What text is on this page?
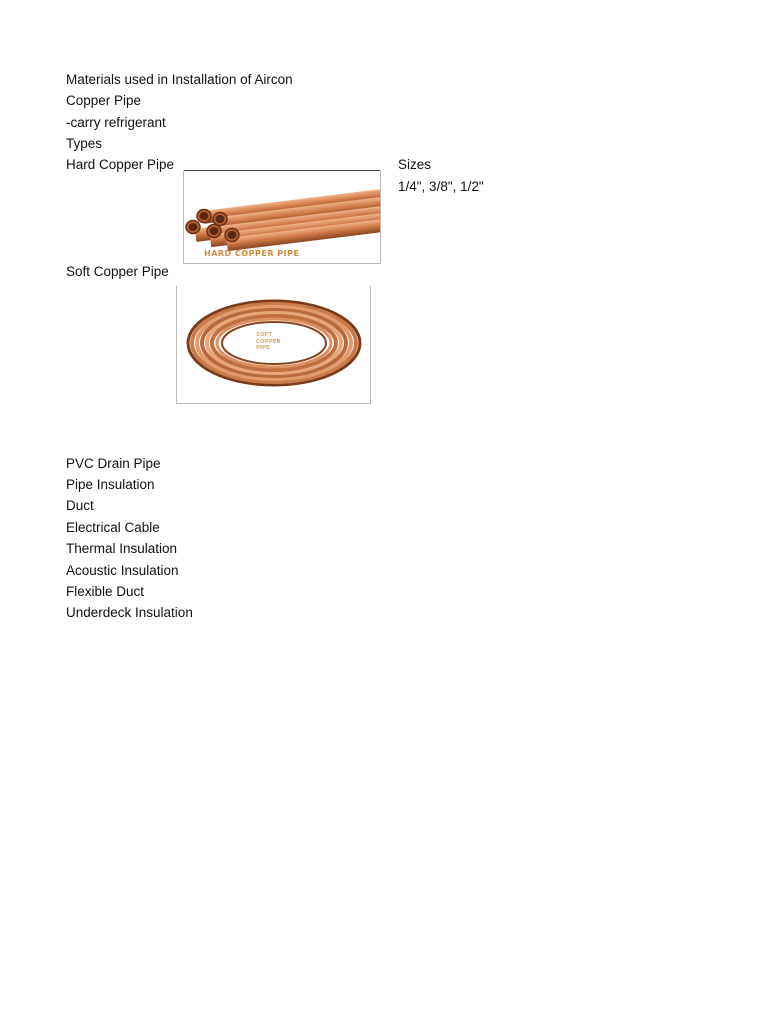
Materials used in Installation of Aircon
Copper Pipe
-carry refrigerant
Types
Hard Copper Pipe	Sizes
1/4", 3/8", 1/2"
HARD COPPER PIPE
Soft Copper Pipe
SOFT
COPPER
PIPE
PVC Drain Pipe
Pipe Insulation
Duct
Electrical Cable
Thermal Insulation
Acoustic Insulation
Flexible Duct
Underdeck Insulation
